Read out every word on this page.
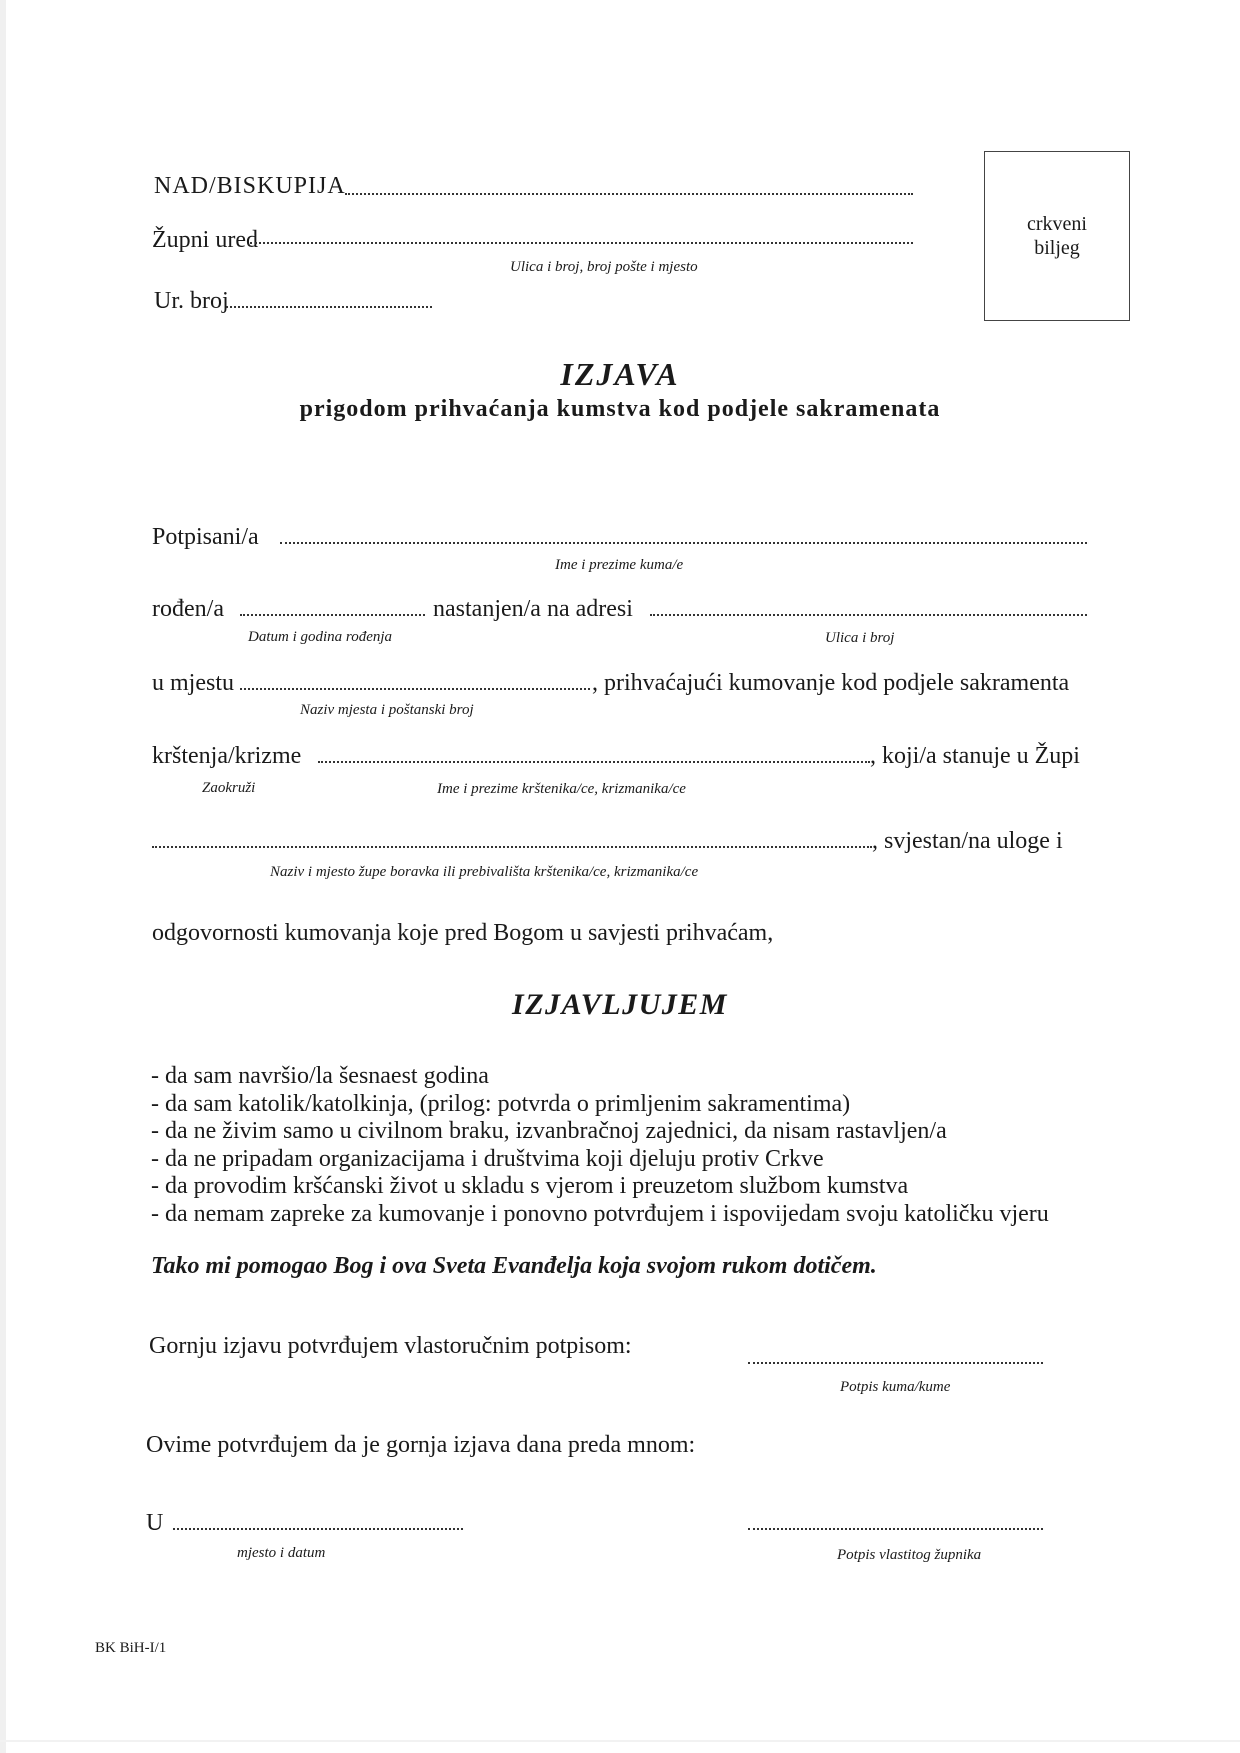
NAD/BISKUPIJA
Župni ured
Ulica i broj, broj pošte i mjesto
Ur. broj
crkveni
biljeg
IZJAVA
prigodom prihvaćanja kumstva kod podjele sakramenata
Potpisani/a
Ime i prezime kuma/e
rođen/a
Datum i godina rođenja
nastanjen/a na adresi
Ulica i broj
u mjestu	, prihvaćajući kumovanje kod podjele sakramenta
Naziv mjesta i poštanski broj
krštenja/krizme	, koji/a stanuje u Župi
Zaokruži	Ime i prezime krštenika/ce, krizmanika/ce
, svjestan/na uloge i
Naziv i mjesto župe boravka ili prebivališta krštenika/ce, krizmanika/ce
odgovornosti kumovanja koje pred Bogom u savjesti prihvaćam,
IZJAVLJUJEM
- da sam navršio/la šesnaest godina
- da sam katolik/katolkinja, (prilog: potvrda o primljenim sakramentima)
- da ne živim samo u civilnom braku, izvanbračnoj zajednici, da nisam rastavljen/a
- da ne pripadam organizacijama i društvima koji djeluju protiv Crkve
- da provodim kršćanski život u skladu s vjerom i preuzetom službom kumstva
- da nemam zapreke za kumovanje i ponovno potvrđujem i ispovijedam svoju katoličku vjeru
Tako mi pomogao Bog i ova Sveta Evanđelja koja svojom rukom dotičem.
Gornju izjavu potvrđujem vlastoručnim potpisom:
Potpis kuma/kume
Ovime potvrđujem da je gornja izjava dana preda mnom:
U
mjesto i datum	Potpis vlastitog župnika
BK BiH-I/1
